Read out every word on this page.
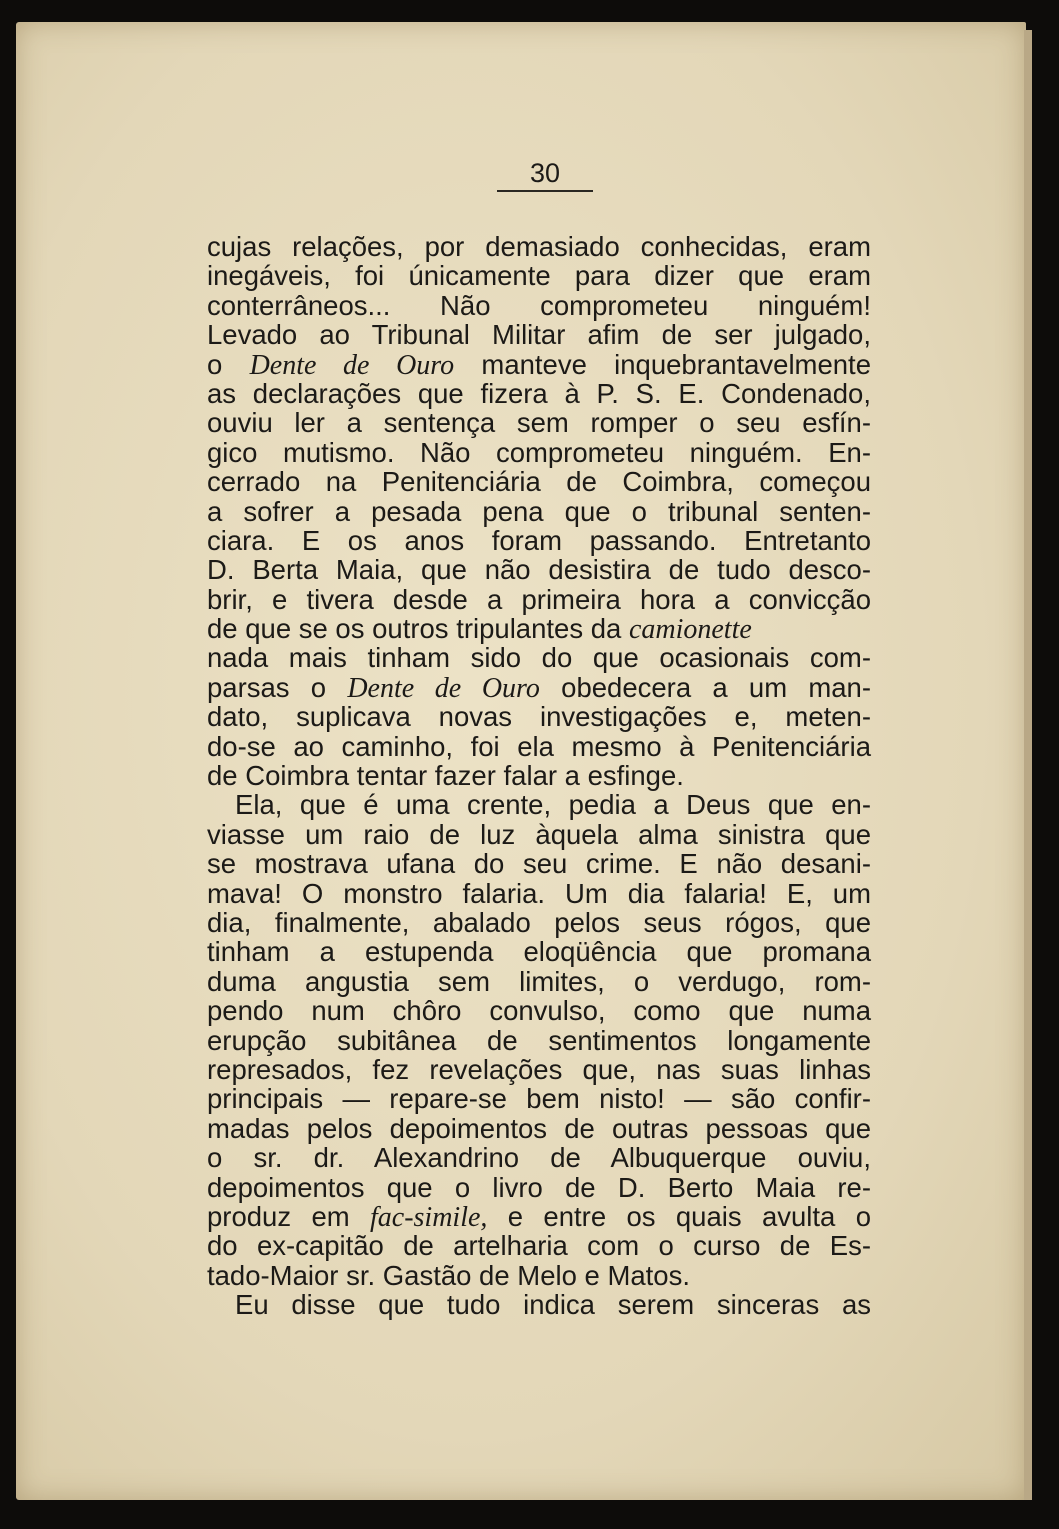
30
cujas relações, por demasiado conhecidas, eram
inegáveis, foi únicamente para dizer que eram
conterrâneos... Não comprometeu ninguém!
Levado ao Tribunal Militar afim de ser julgado,
o Dente de Ouro manteve inquebrantavelmente
as declarações que fizera à P. S. E. Condenado,
ouviu ler a sentença sem romper o seu esfín-
gico mutismo. Não comprometeu ninguém. En-
cerrado na Penitenciária de Coimbra, começou
a sofrer a pesada pena que o tribunal senten-
ciara. E os anos foram passando. Entretanto
D. Berta Maia, que não desistira de tudo desco-
brir, e tivera desde a primeira hora a convicção
de que se os outros tripulantes da camionette
nada mais tinham sido do que ocasionais com-
parsas o Dente de Ouro obedecera a um man-
dato, suplicava novas investigações e, meten-
do-se ao caminho, foi ela mesmo à Penitenciária
de Coimbra tentar fazer falar a esfinge.
Ela, que é uma crente, pedia a Deus que en-
viasse um raio de luz àquela alma sinistra que
se mostrava ufana do seu crime. E não desani-
mava! O monstro falaria. Um dia falaria! E, um
dia, finalmente, abalado pelos seus rógos, que
tinham a estupenda eloqüência que promana
duma angustia sem limites, o verdugo, rom-
pendo num chôro convulso, como que numa
erupção subitânea de sentimentos longamente
represados, fez revelações que, nas suas linhas
principais — repare-se bem nisto! — são confir-
madas pelos depoimentos de outras pessoas que
o sr. dr. Alexandrino de Albuquerque ouviu,
depoimentos que o livro de D. Berto Maia re-
produz em fac-simile, e entre os quais avulta o
do ex-capitão de artelharia com o curso de Es-
tado-Maior sr. Gastão de Melo e Matos.
Eu disse que tudo indica serem sinceras as
